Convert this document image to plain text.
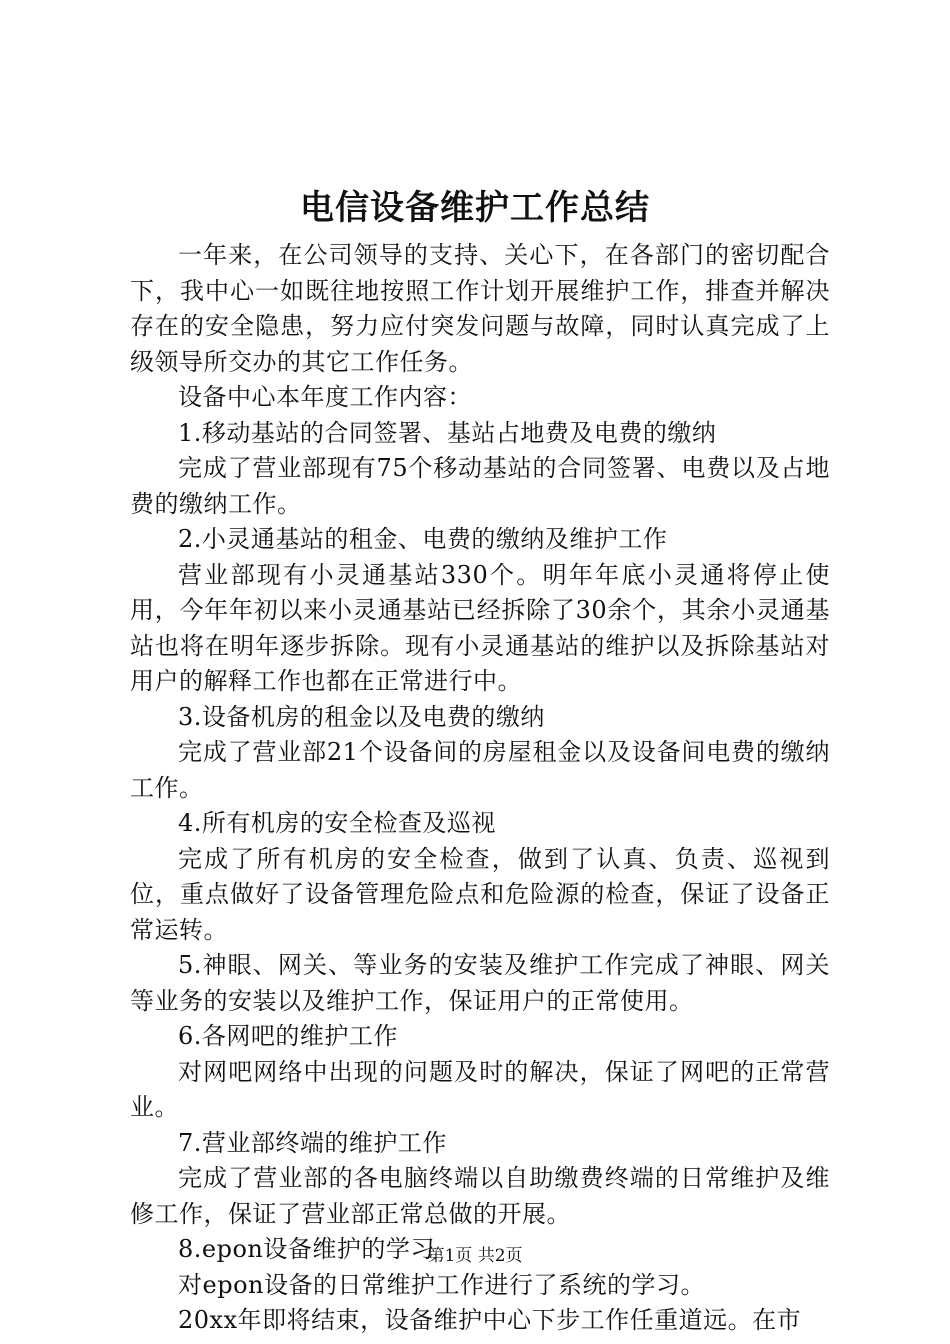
电信设备维护工作总结

一年来，在公司领导的支持、关心下，在各部门的密切配合下，我中心一如既往地按照工作计划开展维护工作，排查并解决存在的安全隐患，努力应付突发问题与故障，同时认真完成了上级领导所交办的其它工作任务。

设备中心本年度工作内容：

1.移动基站的合同签署、基站占地费及电费的缴纳

完成了营业部现有75个移动基站的合同签署、电费以及占地费的缴纳工作。

2.小灵通基站的租金、电费的缴纳及维护工作

营业部现有小灵通基站330个。明年年底小灵通将停止使用，今年年初以来小灵通基站已经拆除了30余个，其余小灵通基站也将在明年逐步拆除。现有小灵通基站的维护以及拆除基站对用户的解释工作也都在正常进行中。

3.设备机房的租金以及电费的缴纳

完成了营业部21个设备间的房屋租金以及设备间电费的缴纳工作。

4.所有机房的安全检查及巡视

完成了所有机房的安全检查，做到了认真、负责、巡视到位，重点做好了设备管理危险点和危险源的检查，保证了设备正常运转。

5.神眼、网关、等业务的安装及维护工作完成了神眼、网关等业务的安装以及维护工作，保证用户的正常使用。

6.各网吧的维护工作

对网吧网络中出现的问题及时的解决，保证了网吧的正常营业。

7.营业部终端的维护工作

完成了营业部的各电脑终端以自助缴费终端的日常维护及维修工作，保证了营业部正常总做的开展。

8.epon设备维护的学习

对epon设备的日常维护工作进行了系统的学习。

20xx年即将结束，设备维护中心下步工作任重道远。在市

第1页 共2页
